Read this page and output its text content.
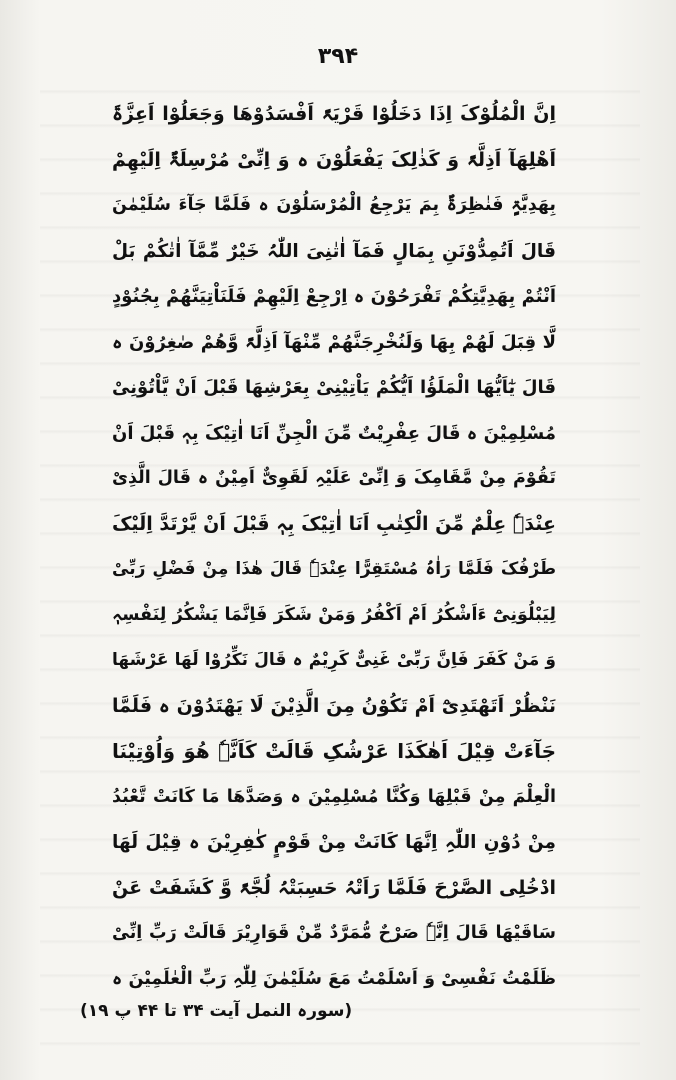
۳۹۴
اِنَّ الْمُلُوْکَ اِذَا دَخَلُوْا قَرْیَۃً اَفْسَدُوْھَا وَجَعَلُوْا اَعِزَّۃَ
اَھْلِھَآ اَذِلَّۃً وَ کَذٰلِکَ یَفْعَلُوْنَ ہ وَ اِنِّیْ مُرْسِلَۃٌ اِلَیْھِمْ
بِھَدِیَّۃٍ فَنٰظِرَۃٌ بِمَ یَرْجِعُ الْمُرْسَلُوْنَ ہ فَلَمَّا جَآءَ سُلَیْمٰنَ
قَالَ اَتُمِدُّوْنَنِ بِمَالٍ فَمَآ اٰتٰنِیَ اللّٰہُ خَیْرٌ مِّمَّآ اٰتٰکُمْ بَلْ
اَنْتُمْ بِھَدِیَّتِکُمْ تَفْرَحُوْنَ ہ اِرْجِعْ اِلَیْھِمْ فَلَنَاْتِیَنَّھُمْ بِجُنُوْدٍ
لَّا قِبَلَ لَھُمْ بِھَا وَلَنُخْرِجَنَّھُمْ مِّنْھَآ اَذِلَّۃً وَّھُمْ صٰغِرُوْنَ ہ
قَالَ یٰٓاَیُّھَا الْمَلَؤُا اَیُّکُمْ یَاْتِیْنِیْ بِعَرْشِھَا قَبْلَ اَنْ یَّاْتُوْنِیْ
مُسْلِمِیْنَ ہ قَالَ عِفْرِیْتٌ مِّنَ الْجِنِّ اَنَا اٰتِیْکَ بِہٖ قَبْلَ اَنْ
تَقُوْمَ مِنْ مَّقَامِکَ وَ اِنِّیْ عَلَیْہِ لَقَوِیٌّ اَمِیْنٌ ہ قَالَ الَّذِیْ
عِنْدَہٗ عِلْمٌ مِّنَ الْکِتٰبِ اَنَا اٰتِیْکَ بِہٖ قَبْلَ اَنْ یَّرْتَدَّ اِلَیْکَ
طَرْفُکَ فَلَمَّا رَاٰہُ مُسْتَقِرًّا عِنْدَہٗ قَالَ ھٰذَا مِنْ فَضْلِ رَبِّیْ
لِیَبْلُوَنِیْٓ ءَاَشْکُرُ اَمْ اَکْفُرُ وَمَنْ شَکَرَ فَاِنَّمَا یَشْکُرُ لِنَفْسِہٖ
وَ مَنْ کَفَرَ فَاِنَّ رَبِّیْ غَنِیٌّ کَرِیْمٌ ہ قَالَ نَکِّرُوْا لَھَا عَرْشَھَا
نَنْظُرْ اَتَھْتَدِیْٓ اَمْ تَکُوْنُ مِنَ الَّذِیْنَ لَا یَھْتَدُوْنَ ہ فَلَمَّا
جَآءَتْ قِیْلَ اَھٰکَذَا عَرْشُکِ قَالَتْ کَاَنَّہٗ ھُوَ وَاُوْتِیْنَا
الْعِلْمَ مِنْ قَبْلِھَا وَکُنَّا مُسْلِمِیْنَ ہ وَصَدَّھَا مَا کَانَتْ تَّعْبُدُ
مِنْ دُوْنِ اللّٰہِ اِنَّھَا کَانَتْ مِنْ قَوْمٍ کٰفِرِیْنَ ہ قِیْلَ لَھَا
ادْخُلِی الصَّرْحَ فَلَمَّا رَاَتْہُ حَسِبَتْہُ لُجَّۃً وَّ کَشَفَتْ عَنْ
سَاقَیْھَا قَالَ اِنَّہٗ صَرْحٌ مُّمَرَّدٌ مِّنْ قَوَارِیْرَ قَالَتْ رَبِّ اِنِّیْ
ظَلَمْتُ نَفْسِیْ وَ اَسْلَمْتُ مَعَ سُلَیْمٰنَ لِلّٰہِ رَبِّ الْعٰلَمِیْنَ ہ
(سورہ النمل آیت ۳۴ تا ۴۴ پ ۱۹)
